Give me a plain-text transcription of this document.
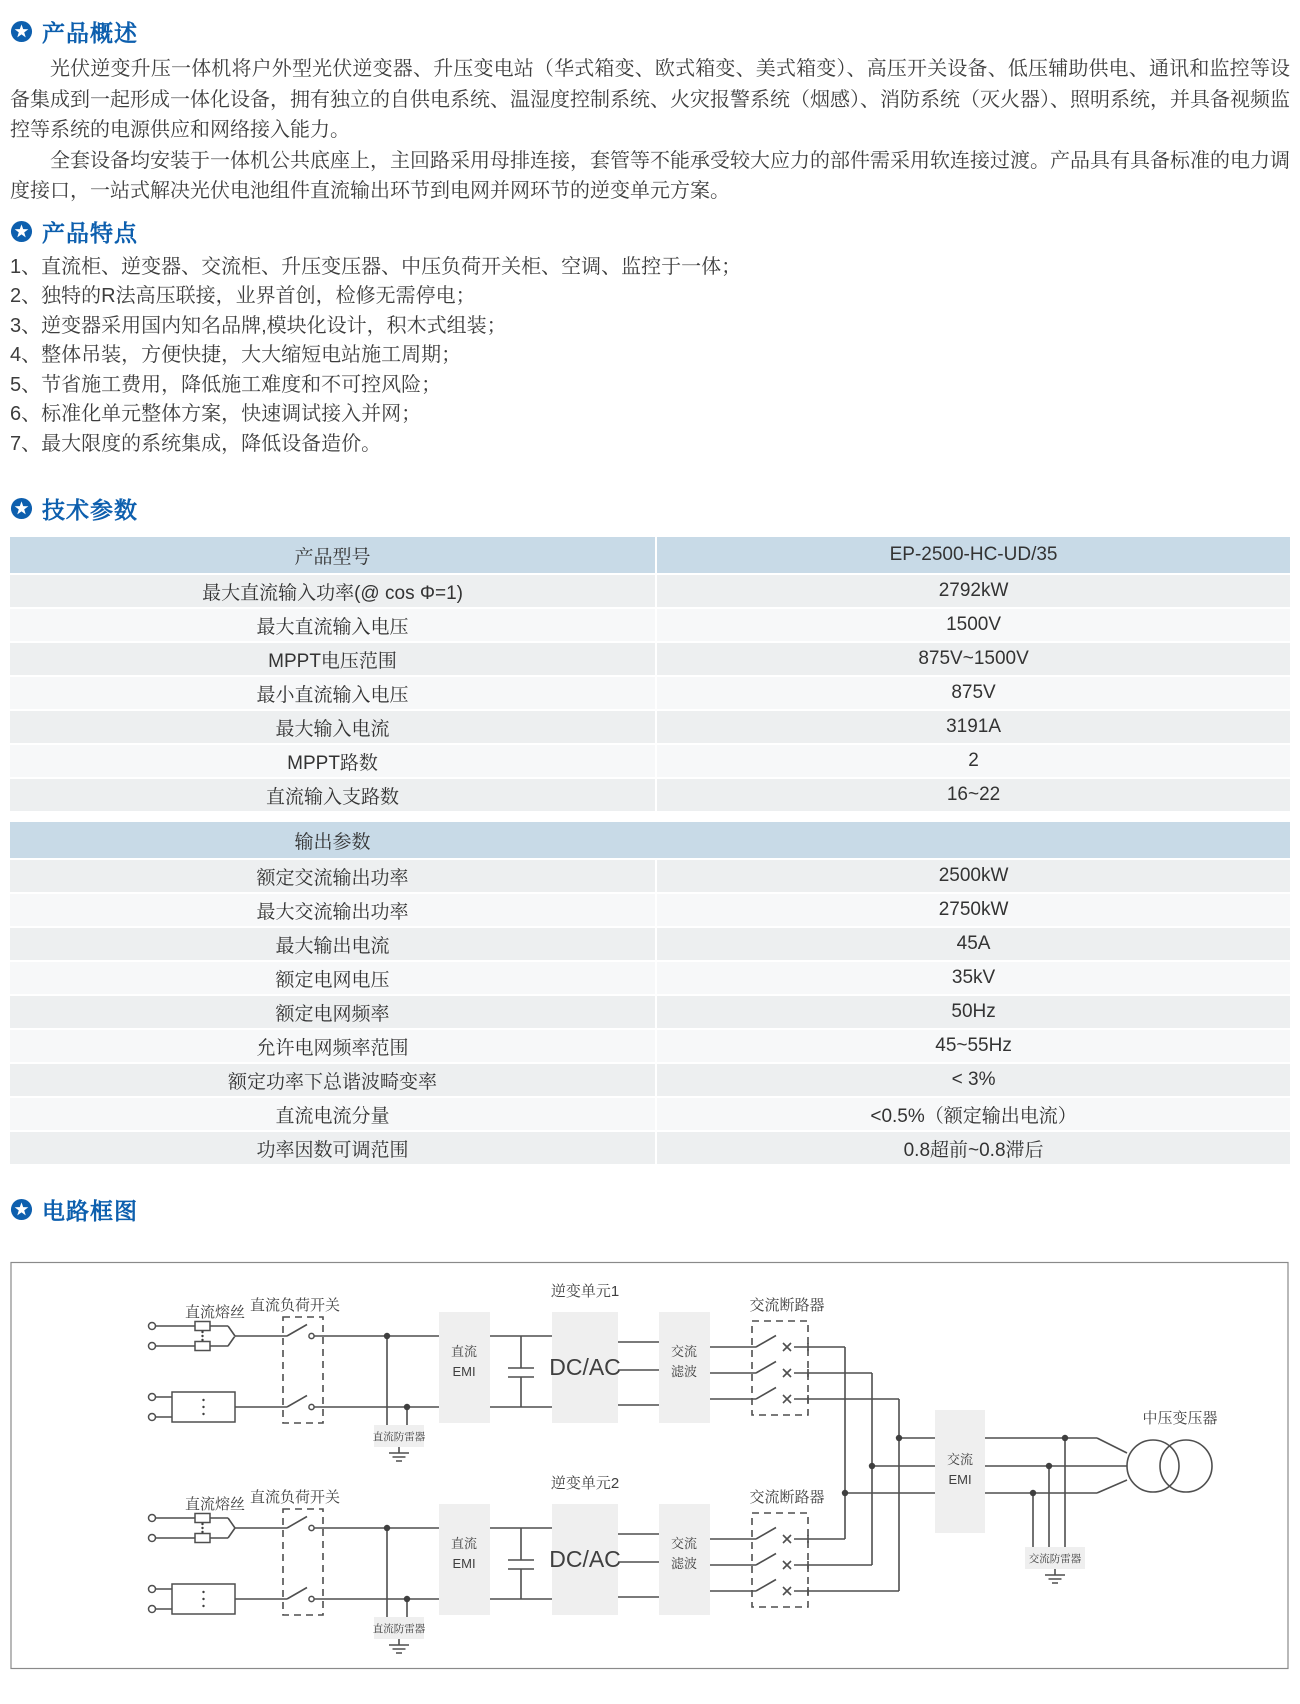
产品概述

光伏逆变升压一体机将户外型光伏逆变器、升压变电站（华式箱变、欧式箱变、美式箱变）、高压开关设备、低压辅助供电、通讯和监控等设备集成到一起形成一体化设备，拥有独立的自供电系统、温湿度控制系统、火灾报警系统（烟感）、消防系统（灭火器）、照明系统，并具备视频监控等系统的电源供应和网络接入能力。

全套设备均安装于一体机公共底座上，主回路采用母排连接，套管等不能承受较大应力的部件需采用软连接过渡。产品具有具备标准的电力调度接口，一站式解决光伏电池组件直流输出环节到电网并网环节的逆变单元方案。

产品特点
1、直流柜、逆变器、交流柜、升压变压器、中压负荷开关柜、空调、监控于一体；
2、独特的R法高压联接，业界首创，检修无需停电；
3、逆变器采用国内知名品牌,模块化设计，积木式组装；
4、整体吊装，方便快捷，大大缩短电站施工周期；
5、节省施工费用，降低施工难度和不可控风险；
6、标准化单元整体方案，快速调试接入并网；
7、最大限度的系统集成，降低设备造价。
技术参数
产品型号	EP-2500-HC-UD/35
最大直流输入功率(@ cos Φ=1)	2792kW
最大直流输入电压	1500V
MPPT电压范围	875V~1500V
最小直流输入电压	875V
最大输入电流	3191A
MPPT路数	2
直流输入支路数	16~22
输出参数
额定交流输出功率	2500kW
最大交流输出功率	2750kW
最大输出电流	45A
额定电网电压	35kV
额定电网频率	50Hz
允许电网频率范围	45~55Hz
额定功率下总谐波畸变率	< 3%
直流电流分量	<0.5%（额定输出电流）
功率因数可调范围	0.8超前~0.8滞后
电路框图
直流熔丝 直流负荷开关
逆变单元1
交流断路器
直流
EMI	DC/AC
交流
滤波
直流防雷器
交流
EMI
交流防雷器
中压变压器
直流熔丝 直流负荷开关
逆变单元2
交流断路器
直流
EMI	DC/AC
交流
滤波
直流防雷器
